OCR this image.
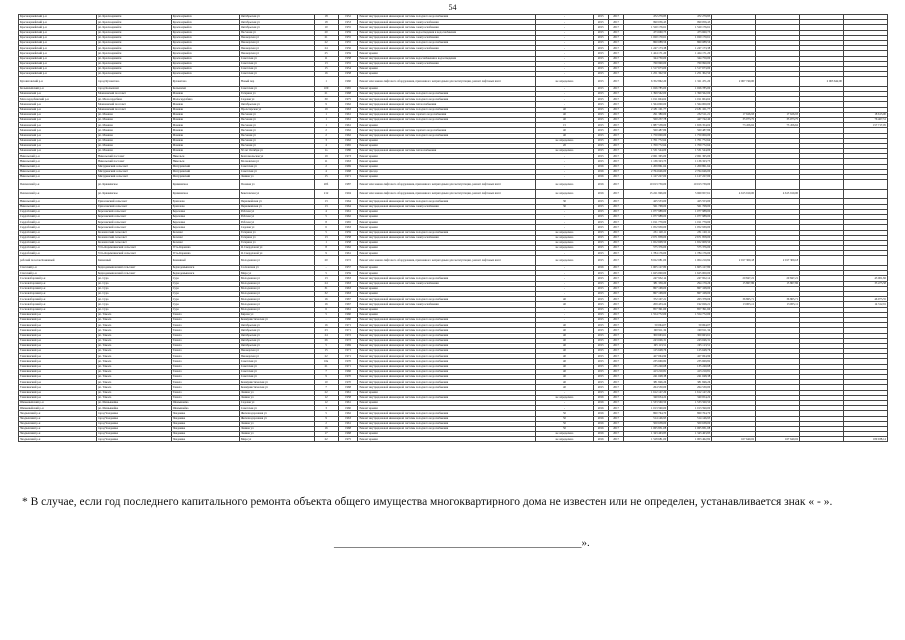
54
Красноармейский р-н	рп. Красноармейск	Красноармейск	Октябрьская ул	18	1952	Ремонт внутридомовой инженерной системы холодного водоснабжения	-	2015	2017	472 279,83	472 279,83				
Красноармейский р-н	рп. Красноармейск	Красноармейск	Октябрьская ул	18	1953	Ремонт внутридомовой инженерной системы электроснабжения	-	2015	2017	990 056,45	990 056,45				
Красноармейский р-н	рп. Красноармейск	Красноармейск	Октябрьская ул	10	1955	Ремонт внутридомовой инженерной системы электроснабжения	-	2015	2017	1 520 176,61	1 520 176,61				
Красноармейский р-н	рп. Красноармейск	Красноармейск	Песчаная ул	20	1959	Ремонт внутридомовой инженерной системы водоотведения и водоснабжения	-	2015	2017	473 660,73	473 660,73				
Красноармейский р-н	рп. Красноармейск	Красноармейск	Пионерская ул	21	1955	Ремонт внутридомовой инженерной системы электроснабжения	-	2015	2017	1 020 170,61	1 020 170,61				
Красноармейский р-н	рп. Красноармейск	Красноармейск	Пионерская ул	22	1955	Ремонт внутридомовой инженерной системы холодного водоснабжения	-	2015	2017	860 088,56	860 088,56				
Красноармейский р-н	рп. Красноармейск	Красноармейск	Пионерская ул	24	1956	Ремонт внутридомовой инженерной системы электроснабжения	-	2015	2017	1 247 173,38	1 247 173,38				
Красноармейский р-н	рп. Красноармейск	Красноармейск	Пионерская ул	25	1959	Ремонт крыши	-	2015	2017	1 424 171,20	1 424 171,20				
Красноармейский р-н	рп. Красноармейск	Красноармейск	Советская ул	11	1958	Ремонт внутридомовой инженерной системы водоснабжения и водоотведения	-	2015	2017	344 750,00	344 750,00				
Красноармейский р-н	рп. Красноармейск	Красноармейск	Советская ул	13	1955	Ремонт внутридомовой инженерной системы электроснабжения	-	2015	2017	760 990,00	760 990,00				
Красноармейский р-н	рп. Красноармейск	Красноармейск	Советская ул	15	1954	Ремонт крыши	-	2015	2017	1 517 673,00	1 517 673,00				
Красноармейский р-н	рп. Красноармейск	Красноармейск	Советская ул	16	1958	Ремонт крыши	-	2015	2017	1 251 302,50	1 251 302,50				
Кузоватовский р-н	город Кузоватово	Кузоватово	Новый пер	1	1960	Ремонт или замена лифтового оборудования, признанного непригодным для эксплуатации, ремонт лифтовых шахт	не определено	2015	2017	6 352 862,20	1 321 471,20	2 067 749,00		2 963 642,00	
Колышлейский р-н	город Колышлей	Колышлей	Советская ул	100	1965	Ремонт крыши	-	2015	2017	1 026 785,00	1 026 785,00				
Мокшанский р-н	Мокшанский поссовет	Мокшан	Гагарина ул	21	1968	Ремонт внутридомовой инженерной системы холодного водоснабжения	-	2015	2017	1 399 562,00	1 399 562,00				
Малосердобинский р-н	рп. Малосердобино	Малосердобино	Садовая ул	30	1975	Ремонт внутридомовой инженерной системы холодного водоснабжения	-	2015	2017	1 011 604,62	1 011 604,62				
Мокшанский р-н	Мокшанский поссовет	Мокшан	Октябрьская ул	9	1962	Ремонт внутридомовой инженерной системы теплоснабжения	-	2015	2017	1 564 000,00	1 564 000,00				
Мокшанский р-н	Мокшанский поссовет	Мокшан	Пролетарская ул	19	1963	Ремонт внутридомовой инженерной системы холодного водоснабжения	40	2015	2017	2 181 101,77	2 181 101,77				
Мокшанский р-н	рп. Мокшан	Мокшан	Песчаная ул	1	1961	Ремонт внутридомовой инженерной системы горячего водоснабжения	40	2015	2017	291 380,00	232 511,21	17 626,93	17 626,93		18 615,00
Мокшанский р-н	рп. Мокшан	Мокшан	Песчаная ул	1	1961	Ремонт внутридомовой инженерной системы холодного водоснабжения	40	2015	2017	560 237,78	447 742,40	35 073,75	35 073,75		76 467,51
Мокшанский р-н	рп. Мокшан	Мокшан	Песчаная ул	1	1961	Ремонт крыши	15	2015	2017	1 887 558,00	1 656 354,02	73 456,62	73 456,62		157 717,05
Мокшанский р-н	рп. Мокшан	Мокшан	Песчаная ул	2	1962	Ремонт внутридомовой инженерной системы горячего водоснабжения	40	2015	2017	560 487,86	560 487,86				
Мокшанский р-н	рп. Мокшан	Мокшан	Песчаная ул	2	1962	Ремонт внутридомовой инженерной системы холодного водоснабжения	40	2015	2017	1 750 000,00	1 750 000,00				
Мокшанский р-н	рп. Мокшан	Мокшан	Песчаная ул	3	1962	Ремонт крыши	не определено	2015	2017	1 701 772,64	1 701 772,64				
Мокшанский р-н	рп. Мокшан	Мокшан	Песчаная ул	4	1965	Ремонт крыши	20	2015	2017	1 709 772,64	1 709 772,64				
Мокшанский р-н	рп. Мокшан	Мокшан	50 лет Октября ул	1а	1986	Ремонт внутридомовой инженерной системы теплоснабжения	не определено	2015	2017	1 531 544,00	1 531 544,00				
Никольский р-н	Никольский поссовет	Никольск	Комсомольская ул	19	1973	Ремонт крыши	-	2015	2017	2 061 365,00	2 061 365,00				
Никольский р-н	Никольский поссовет	Никольск	Московская ул	11	1963	Ремонт крыши	-	2015	2017	1 136 323,75	1 136 323,75				
Никольский р-н	Мичуринский сельсовет	Мичуринский	Советская ул	2	1969	Ремонт крыши	-	2016	2017	1 209 861,64	1 209 861,64				
Никольский р-н	Мичуринский сельсовет	Мичуринский	Советская ул	4	1968	Ремонт фасада	-	2016	2017	2 764 646,00	2 764 646,00				
Никольский р-н	Мичуринский сельсовет	Мичуринский	Ленина ул	15	1971	Ремонт крыши	-	2016	2017	1 127 227,00	1 127 227,00				
Пензенский р-н	рп. Кряжимское	Кряжимское	Полевая ул	20б	1987	Ремонт или замена лифтового оборудования, признанного непригодным для эксплуатации, ремонт лифтовых шахт	не определено	2016	2017	10 013 739,00	10 013 739,00				
Пензенский р-н	рп. Кряжимское	Кряжимское	Бекетовская ул	212	1994	Ремонт или замена лифтового оборудования, признанного непригодным для эксплуатации, ремонт лифтовых шахт	не определено	2016	2017	15 221 996,00	5 969 957,61	4 615 919,00	4 615 919,00		
Никольский р-н	Ермоловский сельсовет	Ермолово	Первомайская ул	13	1964	Ремонт внутридомовой инженерной системы холодного водоснабжения	30	2015	2017	425 553,00	425 553,00				
Никольский р-н	Ермоловский сельсовет	Ермолово	Первомайская ул	13	1964	Ремонт внутридомовой инженерной системы электроснабжения	30	2015	2017	561 768,00	561 768,00				
Сердобский р-н	Березовский сельсовет	Березовка	Рабочая ул	4	1961	Ремонт крыши	-	2015	2017	1 077 988,00	1 077 988,00				
Сердобский р-н	Березовский сельсовет	Березовка	Рабочая ул	5	1962	Ремонт крыши	-	2015	2017	1 077 988,00	1 077 988,00				
Сердобский р-н	Березовский сельсовет	Березовка	Рабочая ул	8	1965	Ремонт крыши	-	2015	2017	1 011 779,00	1 011 779,00				
Сердобский р-н	Березовский сельсовет	Березовка	Садовая ул	6	1963	Ремонт крыши	-	2015	2017	1 052 939,00	1 052 939,00				
Сердобский р-н	Колемасский сельсовет	Колемас	Гагарина ул	5	1959	Ремонт внутридомовой инженерной системы холодного водоснабжения	не определено	2015	2017	231 120,11	231 120,11				
Сердобский р-н	Колемасский сельсовет	Колемас	Гагарина ул	13	1958	Ремонт внутридомовой инженерной системы электроснабжения	не определено	2015	2017	2 671 858,00	2 671 858,00				
Сердобский р-н	Колемасский сельсовет	Колемас	Гагарина ул	1	1958	Ремонт крыши	не определено	2015	2017	1 652 608,50	1 652 608,50				
Сердобский р-н	Усть-Каремшинский сельсовет	Усть-Каремша	Я. Свердловой ул	8	1962	Ремонт крыши	не определено	2015	2017	575 376,00	575 376,00				
Сердобский р-н	Усть-Каремшинский сельсовет	Усть-Каремша	Я. Свердловой ул	9	1961	Ремонт крыши	-	2015	2017	1 784 176,00	1 784 176,00				
рабочий поселок Каменный	Каменный	Каменный	Молодежная ул	20	1972	Ремонт или замена лифтового оборудования, признанного непригодным для эксплуатации, ремонт лифтовых шахт	не определено	2015	2017	8 022 081,00	1 004 210,84	2 017 309,18	2 017 309,18		
Спасский р-н	Беднодемьяновский сельсовет	Беднодемьяновск	Сосновская ул	-	1957	Ремонт крыши	-	2016	2017	1 605 127,80	1 605 127,80				
Спасский р-н	Беднодемьяновский сельсовет	Беднодемьяновск	Мира ул	5	1959	Ремонт крыши	-	2015	2017	1 625 000,00	1 625 000,00				
Сосновоборский р-н	рп. Сура	Сура	Молодежная ул	13	1963	Ремонт внутридомовой инженерной системы холодного водоснабжения	-	2015	2017	247 952,14	247 952,14	20 847,21	20 847,21		43 001,82
Сосновоборский р-н	рп. Сура	Сура	Молодежная ул	24	1963	Ремонт внутридомовой инженерной системы электроснабжения	-	2015	2017	381 339,20	294 179,26	15 867,86	15 867,86		33 475,58
Сосновоборский р-н	рп. Сура	Сура	Молодежная ул	31	1963	Ремонт крыши	-	2015	2017	867 168,00	867 168,00				
Сосновоборский р-н	рп. Сура	Сура	Молодежная ул	32	1963	Ремонт крыши	-	2015	2017	867 168,00	867 168,00				
Сосновоборский р-н	рп. Сура	Сура	Молодежная ул	16	1967	Ремонт внутридомовой инженерной системы холодного водоснабжения	40	2015	2017	372 107,21	263 378,06	36 865,71	36 865,71		46 975,55
Сосновоборский р-н	рп. Сура	Сура	Молодежная ул	16	1967	Ремонт внутридомовой инженерной системы электроснабжения	40	2015	2017	209 433,24	192 026,21	13 005,11	13 005,11		14 312,91
Сосновоборский р-н	рп. Сура	Сура	Молодежная ул	6	1961	Ремонт крыши	-	2015	2017	857 391,60	857 391,60				
Тамалинский р-н	рп. Тамала	Тамала	Кирова ул	5	1960	Ремонт крыши	-	2015	2017	1 554 772,00	1 554 772,00				
Тамалинский р-н	рп. Тамала	Тамала	Коммунистическая ул	-	1960	Ремонт внутридомовой инженерной системы холодного водоснабжения	-	2015	2017						
Тамалинский р-н	рп. Тамала	Тамала	Октябрьская ул	16	1971	Ремонт внутридомовой инженерной системы холодного водоснабжения	40	2015	2017	50 064,07	50 064,07				
Тамалинский р-н	рп. Тамала	Тамала	Октябрьская ул	23	1971	Ремонт внутридомовой инженерной системы холодного водоснабжения	40	2015	2017	190 911,34	190 911,34				
Тамалинский р-н	рп. Тамала	Тамала	Октябрьская ул	24	1972	Ремонт внутридомовой инженерной системы холодного водоснабжения	40	2015	2017	300 663,61	300 663,61				
Тамалинский р-н	рп. Тамала	Тамала	Октябрьская ул	26	1972	Ремонт внутридомовой инженерной системы холодного водоснабжения	40	2015	2017	243 046,31	243 046,31				
Тамалинский р-н	рп. Тамала	Тамала	Октябрьская ул	5	1969	Ремонт внутридомовой инженерной системы холодного водоснабжения	40	2015	2017	195 113,51	195 113,51				
Тамалинский р-н	рп. Тамала	Тамала	Пионерская ул	15	1971	Ремонт внутридомовой инженерной системы холодного водоснабжения	40	2015	2017	125 648,76	125 648,76				
Тамалинский р-н	рп. Тамала	Тамала	Пионерская ул	22	1971	Ремонт внутридомовой инженерной системы холодного водоснабжения	40	2015	2017	427 064,99	427 064,99				
Тамалинский р-н	рп. Тамала	Тамала	Советская ул	16а	1970	Ремонт внутридомовой инженерной системы холодного водоснабжения	40	2015	2017	235 669,82	235 669,82				
Тамалинский р-н	рп. Тамала	Тамала	Советская ул	21	1971	Ремонт внутридомовой инженерной системы холодного водоснабжения	40	2015	2017	135 240,68	135 240,68				
Тамалинский р-н	рп. Тамала	Тамала	Советская ул	7	1966	Ремонт внутридомовой инженерной системы холодного водоснабжения	40	2015	2017	413 210,81	413 210,81				
Тамалинский р-н	рп. Тамала	Тамала	Советская ул	9	1970	Ремонт внутридомовой инженерной системы холодного водоснабжения	40	2015	2017	241 048,38	241 048,38				
Тамалинский р-н	рп. Тамала	Тамала	Коммунистическая ул	10	1970	Ремонт внутридомовой инженерной системы холодного водоснабжения	40	2015	2017	381 846,26	381 846,26				
Тамалинский р-н	рп. Тамала	Тамала	Коммунистическая ул	7	1968	Ремонт внутридомовой инженерной системы холодного водоснабжения	40	2015	2017	264 530,00	264 530,00				
Тамалинский р-н	рп. Тамала	Тамала	Ленина ул	22	1961	Ремонт крыши	-	2015	2017	1 612 147,29	1 612 147,29				
Тамалинский р-н	рп. Тамала	Тамала	Ленина ул	12	1958	Ремонт внутридомовой инженерной системы холодного водоснабжения	не определено	2016	2017	340 654,22	340 654,22				
Шемышейский р-н	рп. Шемышейка	Шемышейка	Садовая ул	12	1961	Ремонт крыши	-	2016	2017	1 533 560,50	1 533 560,50				
Шемышейский р-н	рп. Шемышейка	Шемышейка	Советская ул	3	1960	Ремонт крыши	-	2016	2017	1 013 590,00	1 013 590,00				
Чаадаевский р-н	город Чаадаевка	Чаадаевка	Железнодорожная ул	5	1962	Ремонт внутридомовой инженерной системы холодного водоснабжения	50	2016	2017	860 764,70	860 764,70				
Чаадаевский р-н	город Чаадаевка	Чаадаевка	Железнодорожная ул	9	1963	Ремонт внутридомовой инженерной системы холодного водоснабжения	50	2016	2017	514 146,93	514 146,93				
Чаадаевский р-н	город Чаадаевка	Чаадаевка	Ленина ул	2	1961	Ремонт внутридомовой инженерной системы холодного водоснабжения	50	2016	2017	500 638,00	500 638,00				
Чаадаевский р-н	город Чаадаевка	Чаадаевка	Ленина ул	16	1968	Ремонт внутридомовой инженерной системы холодного водоснабжения	50	2016	2017	1 065 831,08	1 065 831,08				
Чаадаевский р-н	город Чаадаевка	Чаадаевка	Ленина ул	17	1968	Ремонт крыши	не определено	2016	2017	1 343 463,83	1 343 463,83				
Чаадаевский р-н	город Чаадаевка	Чаадаевка	Мира ул	22	1975	Ремонт крыши	не определено	2016	2017	1 528 681,00	1 003 462,82	167 640,02	167 640,02		180 938,14
* В случае, если год последнего капитального ремонта объекта общего имущества многоквартирного дома не известен или не определен, устанавливается знак « - ».
_____________________________________________».
